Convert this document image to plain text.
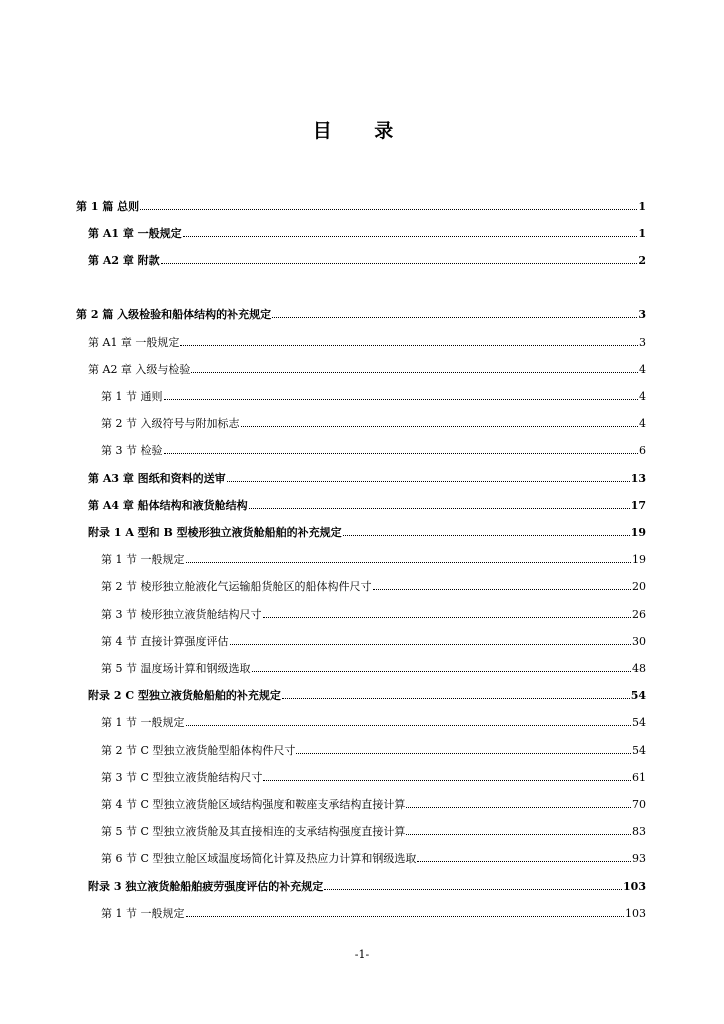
目 录
第 1 篇 总则	1
第 A1 章 一般规定	1
第 A2 章 附款	2
第 2 篇 入级检验和船体结构的补充规定	3
第 A1 章 一般规定	3
第 A2 章 入级与检验	4
第 1 节 通则	4
第 2 节 入级符号与附加标志	4
第 3 节 检验	6
第 A3 章 图纸和资料的送审	13
第 A4 章 船体结构和液货舱结构	17
附录 1 A 型和 B 型棱形独立液货舱船舶的补充规定	19
第 1 节 一般规定	19
第 2 节 棱形独立舱液化气运输船货舱区的船体构件尺寸	20
第 3 节 棱形独立液货舱结构尺寸	26
第 4 节 直接计算强度评估	30
第 5 节 温度场计算和钢级选取	48
附录 2 C 型独立液货舱船舶的补充规定	54
第 1 节 一般规定	54
第 2 节 C 型独立液货舱型船体构件尺寸	54
第 3 节 C 型独立液货舱结构尺寸	61
第 4 节 C 型独立液货舱区域结构强度和鞍座支承结构直接计算	70
第 5 节 C 型独立液货舱及其直接相连的支承结构强度直接计算	83
第 6 节 C 型独立舱区域温度场简化计算及热应力计算和钢级选取	93
附录 3 独立液货舱船舶疲劳强度评估的补充规定	103
第 1 节 一般规定	103
-1-
